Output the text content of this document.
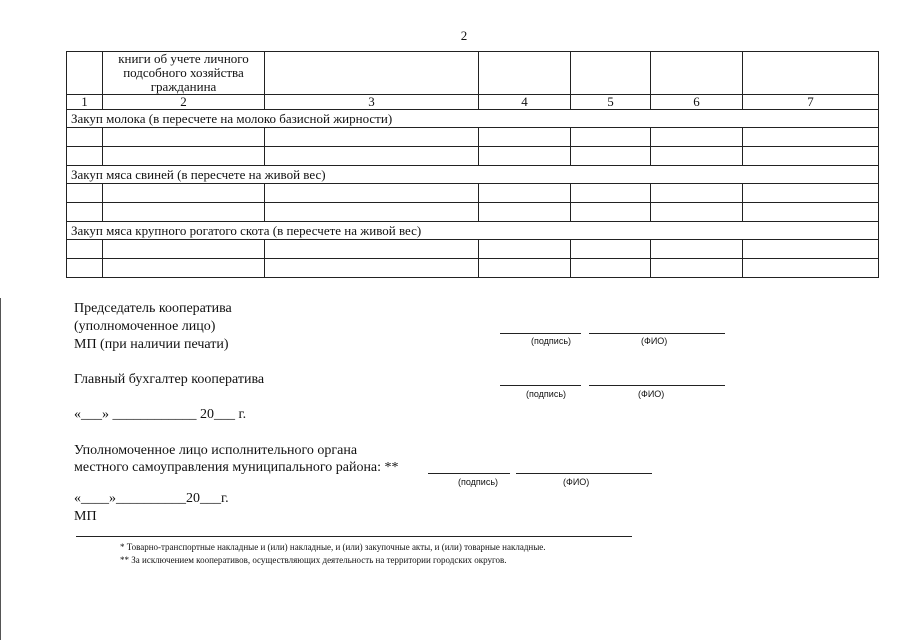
2
	книги об учете личного подсобного хозяйства гражданина					
1	2	3	4	5	6	7
Закуп молока (в пересчете на молоко базисной жирности)						

Закуп мяса свиней (в пересчете на живой вес)						

Закуп мяса крупного рогатого скота (в пересчете на живой вес)						

Председатель кооператива
(уполномоченное лицо)
МП (при наличии печати)	(подпись)	(ФИО)
Главный бухгалтер кооператива
(подпись)	(ФИО)
«___» ____________ 20___ г.
Уполномоченное лицо исполнительного органа
местного самоуправления муниципального района: **
(подпись)	(ФИО)
«____»__________20___г.
МП
* Товарно-транспортные накладные и (или) накладные, и (или) закупочные акты, и (или) товарные накладные.
** За исключением кооперативов, осуществляющих деятельность на территории городских округов.
